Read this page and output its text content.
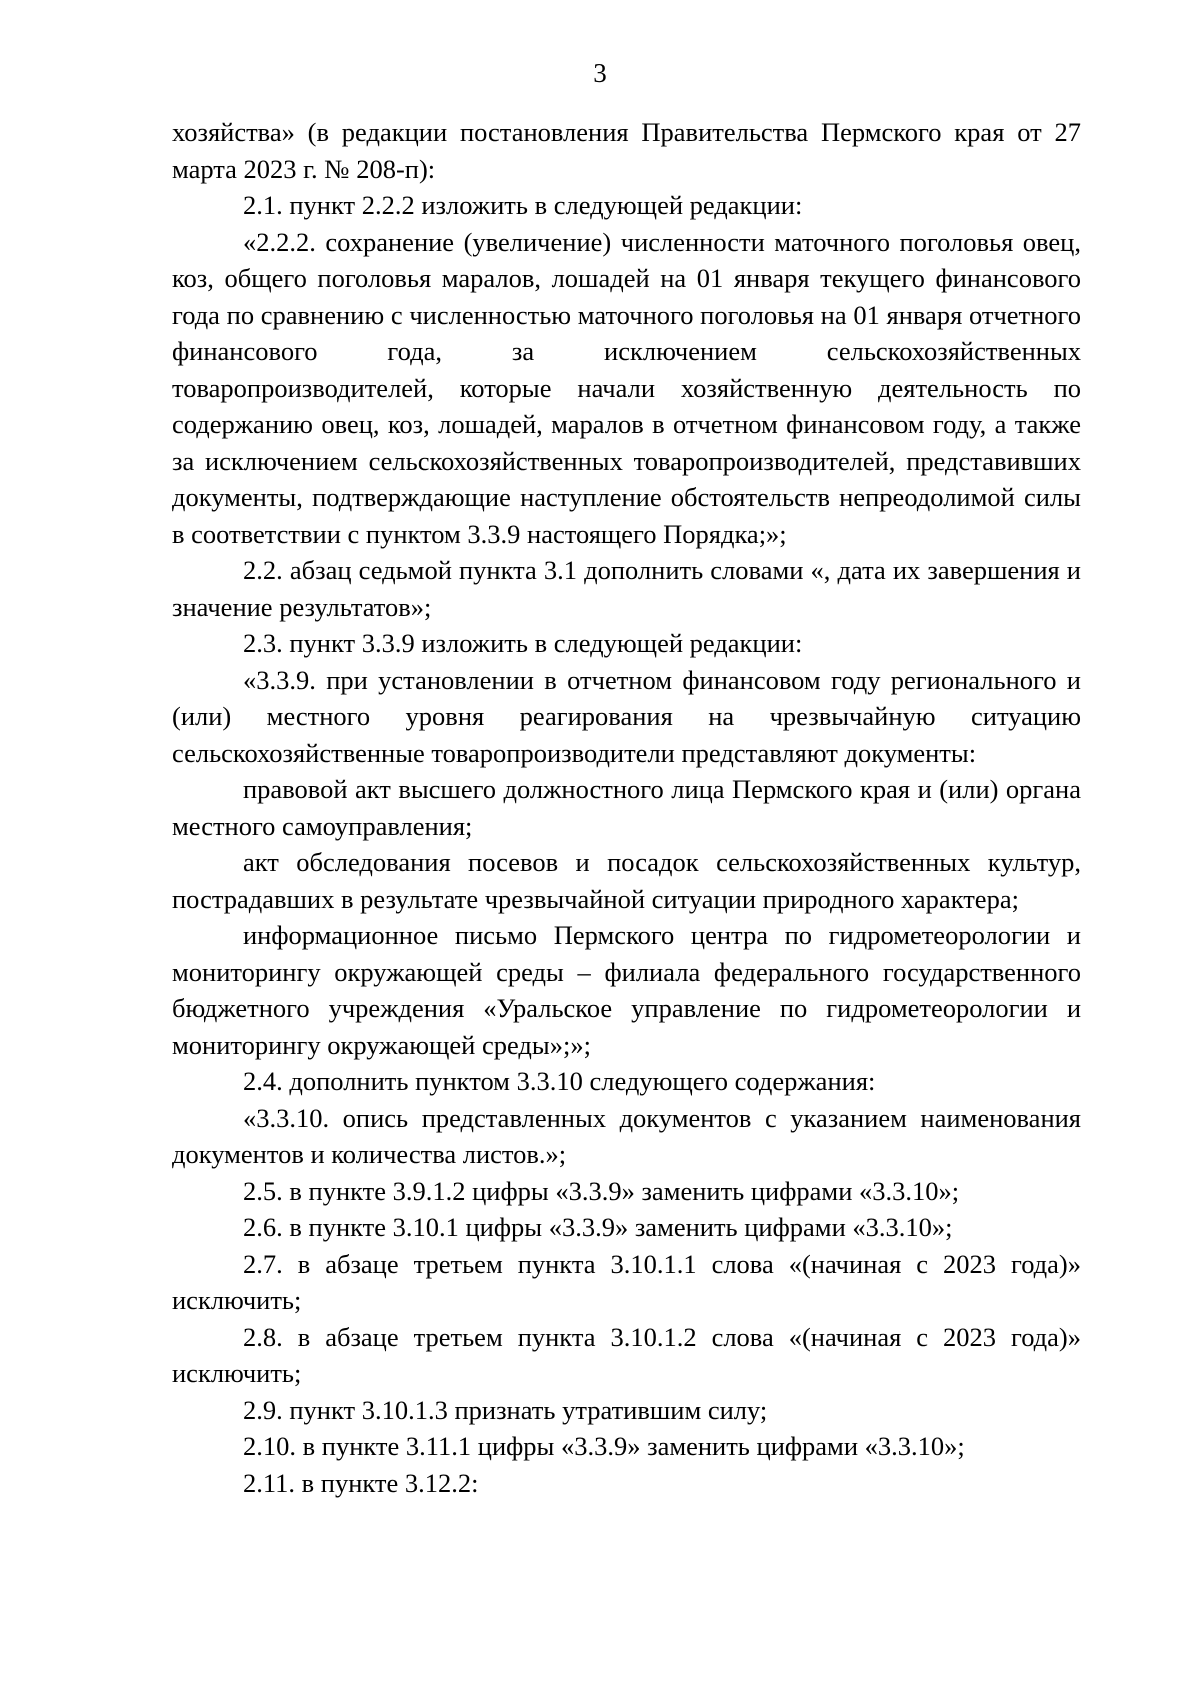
3

хозяйства» (в редакции постановления Правительства Пермского края от 27 марта 2023 г. № 208-п):

2.1. пункт 2.2.2 изложить в следующей редакции:

«2.2.2. сохранение (увеличение) численности маточного поголовья овец, коз, общего поголовья маралов, лошадей на 01 января текущего финансового года по сравнению с численностью маточного поголовья на 01 января отчетного финансового года, за исключением сельскохозяйственных товаропроизводителей, которые начали хозяйственную деятельность по содержанию овец, коз, лошадей, маралов в отчетном финансовом году, а также за исключением сельскохозяйственных товаропроизводителей, представивших документы, подтверждающие наступление обстоятельств непреодолимой силы в соответствии с пунктом 3.3.9 настоящего Порядка;»;

2.2. абзац седьмой пункта 3.1 дополнить словами «, дата их завершения и значение результатов»;

2.3. пункт 3.3.9 изложить в следующей редакции:

«3.3.9. при установлении в отчетном финансовом году регионального и (или) местного уровня реагирования на чрезвычайную ситуацию сельскохозяйственные товаропроизводители представляют документы:

правовой акт высшего должностного лица Пермского края и (или) органа местного самоуправления;

акт обследования посевов и посадок сельскохозяйственных культур, пострадавших в результате чрезвычайной ситуации природного характера;

информационное письмо Пермского центра по гидрометеорологии и мониторингу окружающей среды – филиала федерального государственного бюджетного учреждения «Уральское управление по гидрометеорологии и мониторингу окружающей среды»;»;

2.4. дополнить пунктом 3.3.10 следующего содержания:

«3.3.10. опись представленных документов с указанием наименования документов и количества листов.»;

2.5. в пункте 3.9.1.2 цифры «3.3.9» заменить цифрами «3.3.10»;

2.6. в пункте 3.10.1 цифры «3.3.9» заменить цифрами «3.3.10»;

2.7. в абзаце третьем пункта 3.10.1.1 слова «(начиная с 2023 года)» исключить;

2.8. в абзаце третьем пункта 3.10.1.2 слова «(начиная с 2023 года)» исключить;

2.9. пункт 3.10.1.3 признать утратившим силу;

2.10. в пункте 3.11.1 цифры «3.3.9» заменить цифрами «3.3.10»;

2.11. в пункте 3.12.2:
